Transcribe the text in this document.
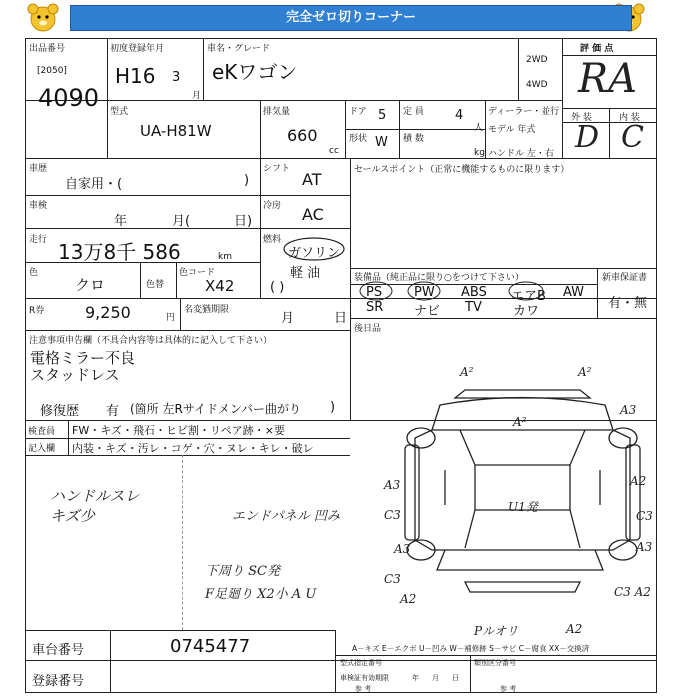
完全ゼロ切りコーナー
出品番号
[2050]
4090
初度登録年月
H16 3
月
車名・グレード
eKワゴン	2WD
4WD
評 価 点
RA
外 装	内 装
D C
型式
UA-H81W
排気量
660
cc
ドア 5
形状 W
定 員 4
人
積 数
kg
ディーラー・並行
モデル 年式
ハンドル 左・右
車歴
自家用・(	)
シフト
AT	セールスポイント（正常に機能するものに限ります）
車検
年	月(	日)
冷房 AC
走行 13万8千 586	km
燃料
ガソリン
軽 油
( )
色
クロ	色替
色コード
X42	装備品（純正品に限り○をつけて下さい）	新車保証書
有・無
PS PW ABS エアB AW
SR ナビ TV カワ
後日品
R券	9,250	円
名変猶期限
月	日
注意事項申告欄（不具合内容等は具体的に記入して下さい）
電格ミラー不良
スタッドレス
修復歴 有 (箇所 左Rサイドメンバー曲がり )
検査員
記入欄
FW・キズ・飛石・ヒビ割・リペア跡・×要
内装・キズ・汚レ・コゲ・穴・ヌレ・キレ・破レ
ハンドルスレ
キズ少	エンドパネル 凹み
下周り SC発
F足廻り X2小 A U
A²	A²
A3
A²
A3
C3
A3
C3
A2
U1発
A2
C3
A3
C3 A2
Pルオリ	A2
A－キズ E－エクボ U－凹み W－補修跡 S－サビ C－腐食 XX－交換済
車台番号	0745477
登録番号
型式指定番号	類別区分番号
車検証有効期限
参 考	参 考
年 月 日
